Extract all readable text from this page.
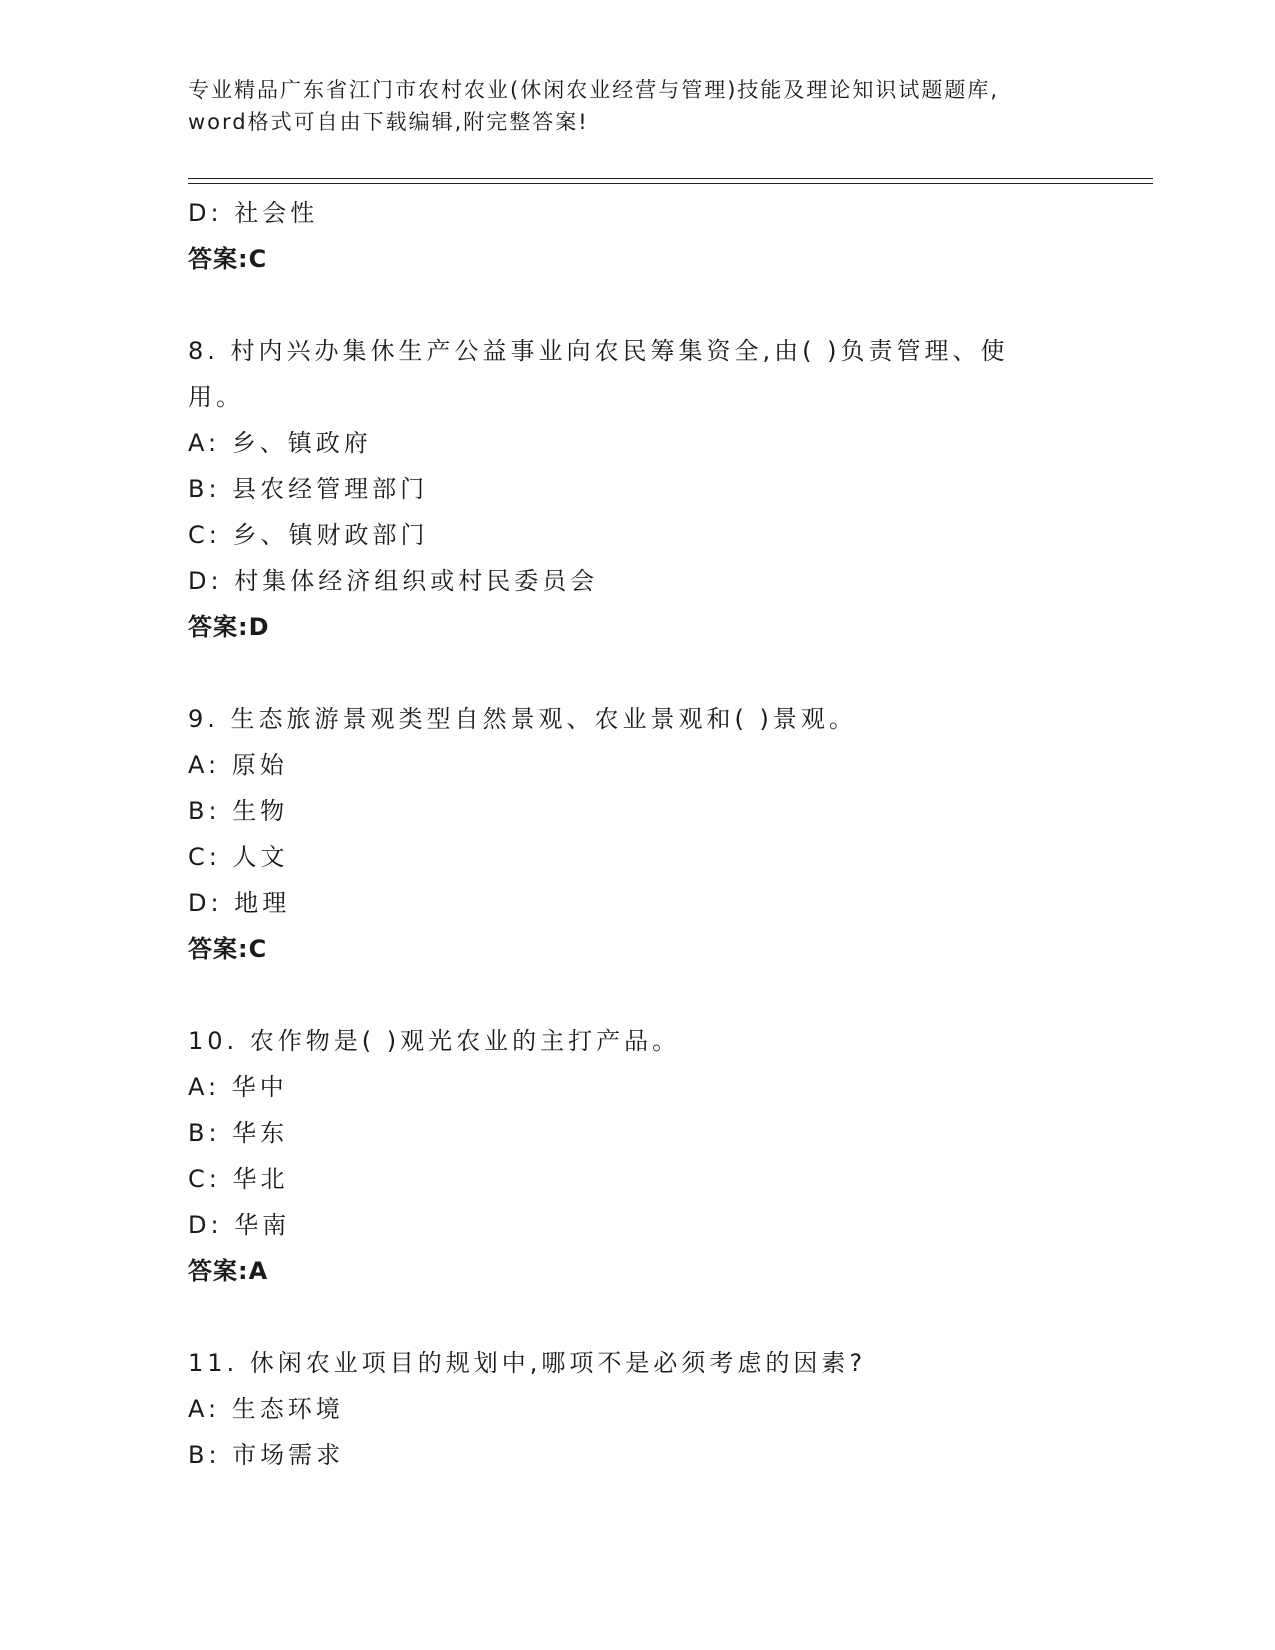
专业精品广东省江门市农村农业(休闲农业经营与管理)技能及理论知识试题题库,
word格式可自由下载编辑,附完整答案!
D: 社会性
答案:C
8. 村内兴办集休生产公益事业向农民筹集资全,由( )负责管理、使
用。
A: 乡、镇政府
B: 县农经管理部门
C: 乡、镇财政部门
D: 村集体经济组织或村民委员会
答案:D
9. 生态旅游景观类型自然景观、农业景观和( )景观。
A: 原始
B: 生物
C: 人文
D: 地理
答案:C
10. 农作物是( )观光农业的主打产品。
A: 华中
B: 华东
C: 华北
D: 华南
答案:A
11. 休闲农业项目的规划中,哪项不是必须考虑的因素?
A: 生态环境
B: 市场需求
